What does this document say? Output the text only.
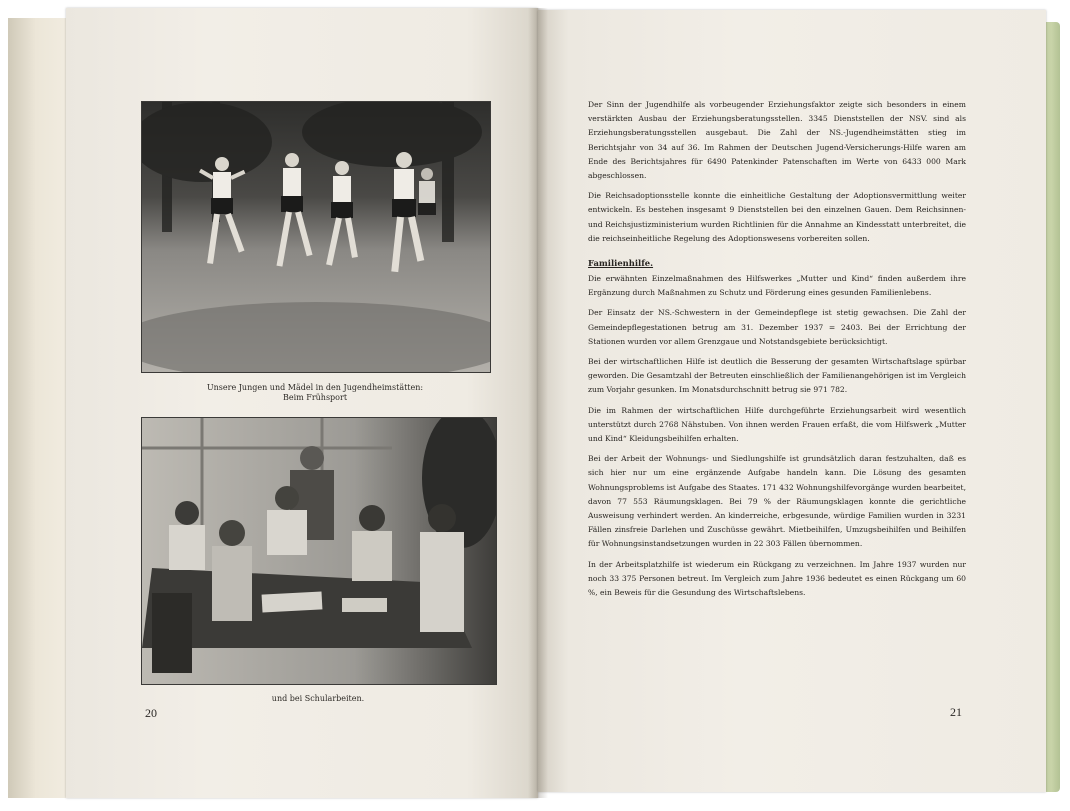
Unsere Jungen und Mädel in den Jugendheimstätten:
Beim Frühsport
und bei Schularbeiten.
20

Der Sinn der Jugendhilfe als vorbeugender Erziehungsfaktor zeigte sich besonders in einem verstärkten Ausbau der Erziehungsberatungsstellen. 3345 Dienststellen der NSV. sind als Erziehungsberatungsstellen ausgebaut. Die Zahl der NS.-Jugendheimstätten stieg im Berichtsjahr von 34 auf 36. Im Rahmen der Deutschen Jugend-Versicherungs-Hilfe waren am Ende des Berichtsjahres für 6490 Patenkinder Patenschaften im Werte von 6433 000 Mark abgeschlossen.

Die Reichsadoptionsstelle konnte die einheitliche Gestaltung der Adoptionsvermittlung weiter entwickeln. Es bestehen insgesamt 9 Dienststellen bei den einzelnen Gauen. Dem Reichsinnen- und Reichsjustizministerium wurden Richtlinien für die Annahme an Kindesstatt unterbreitet, die die reichseinheitliche Regelung des Adoptionswesens vorbereiten sollen.

Familienhilfe.

Die erwähnten Einzelmaßnahmen des Hilfswerkes „Mutter und Kind“ finden außerdem ihre Ergänzung durch Maßnahmen zu Schutz und Förderung eines gesunden Familienlebens.

Der Einsatz der NS.-Schwestern in der Gemeindepflege ist stetig gewachsen. Die Zahl der Gemeindepflegestationen betrug am 31. Dezember 1937 = 2403. Bei der Errichtung der Stationen wurden vor allem Grenzgaue und Notstandsgebiete berücksichtigt.

Bei der wirtschaftlichen Hilfe ist deutlich die Besserung der gesamten Wirtschaftslage spürbar geworden. Die Gesamtzahl der Betreuten einschließlich der Familienangehörigen ist im Vergleich zum Vorjahr gesunken. Im Monatsdurchschnitt betrug sie 971 782.

Die im Rahmen der wirtschaftlichen Hilfe durchgeführte Erziehungsarbeit wird wesentlich unterstützt durch 2768 Nähstuben. Von ihnen werden Frauen erfaßt, die vom Hilfswerk „Mutter und Kind“ Kleidungsbeihilfen erhalten.

Bei der Arbeit der Wohnungs- und Siedlungshilfe ist grundsätzlich daran festzuhalten, daß es sich hier nur um eine ergänzende Aufgabe handeln kann. Die Lösung des gesamten Wohnungsproblems ist Aufgabe des Staates. 171 432 Wohnungshilfevorgänge wurden bearbeitet, davon 77 553 Räumungsklagen. Bei 79 % der Räumungsklagen konnte die gerichtliche Ausweisung verhindert werden. An kinderreiche, erbgesunde, würdige Familien wurden in 3231 Fällen zinsfreie Darlehen und Zuschüsse gewährt. Mietbeihilfen, Umzugsbeihilfen und Beihilfen für Wohnungsinstandsetzungen wurden in 22 303 Fällen übernommen.

In der Arbeitsplatzhilfe ist wiederum ein Rückgang zu verzeichnen. Im Jahre 1937 wurden nur noch 33 375 Personen betreut. Im Vergleich zum Jahre 1936 bedeutet es einen Rückgang um 60 %, ein Beweis für die Gesundung des Wirtschaftslebens.

21
